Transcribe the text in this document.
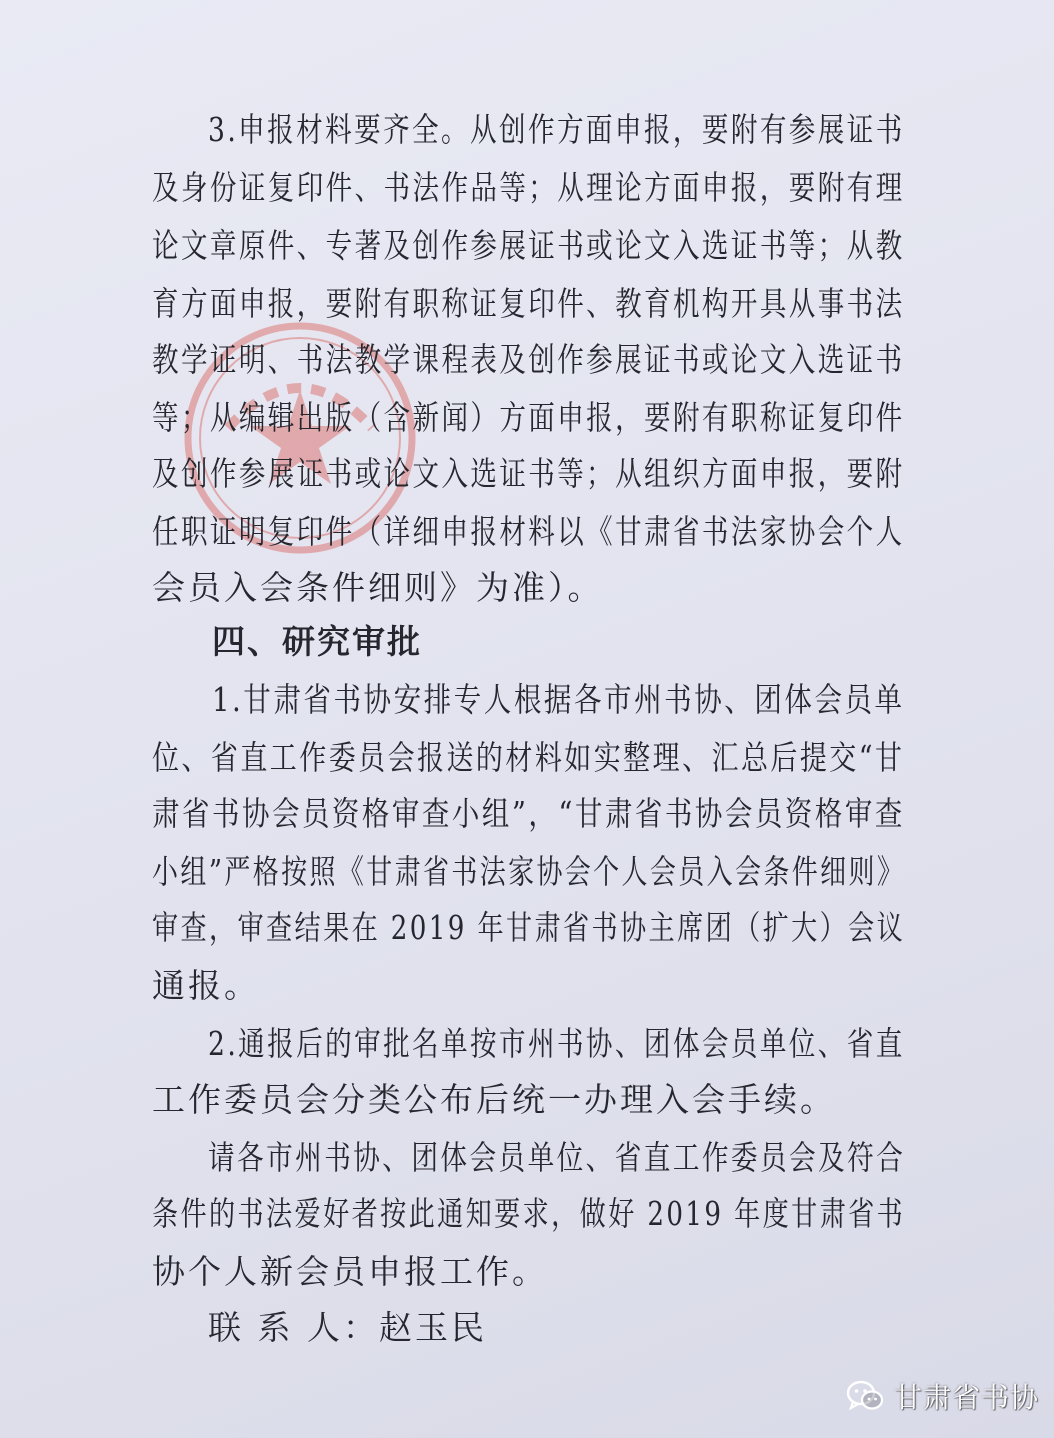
3.申报材料要齐全。从创作方面申报，要附有参展证书
及身份证复印件、书法作品等；从理论方面申报，要附有理
论文章原件、专著及创作参展证书或论文入选证书等；从教
育方面申报，要附有职称证复印件、教育机构开具从事书法
教学证明、书法教学课程表及创作参展证书或论文入选证书
等；从编辑出版（含新闻）方面申报，要附有职称证复印件
及创作参展证书或论文入选证书等；从组织方面申报，要附
任职证明复印件（详细申报材料以《甘肃省书法家协会个人
会员入会条件细则》为准）。
四、研究审批
1.甘肃省书协安排专人根据各市州书协、团体会员单
位、省直工作委员会报送的材料如实整理、汇总后提交“甘
肃省书协会员资格审查小组”，“甘肃省书协会员资格审查
小组”严格按照《甘肃省书法家协会个人会员入会条件细则》
审查，审查结果在 2019 年甘肃省书协主席团（扩大）会议
通报。
2.通报后的审批名单按市州书协、团体会员单位、省直
工作委员会分类公布后统一办理入会手续。
请各市州书协、团体会员单位、省直工作委员会及符合
条件的书法爱好者按此通知要求，做好 2019 年度甘肃省书
协个人新会员申报工作。
联 系 人：赵玉民
甘肃省书协
